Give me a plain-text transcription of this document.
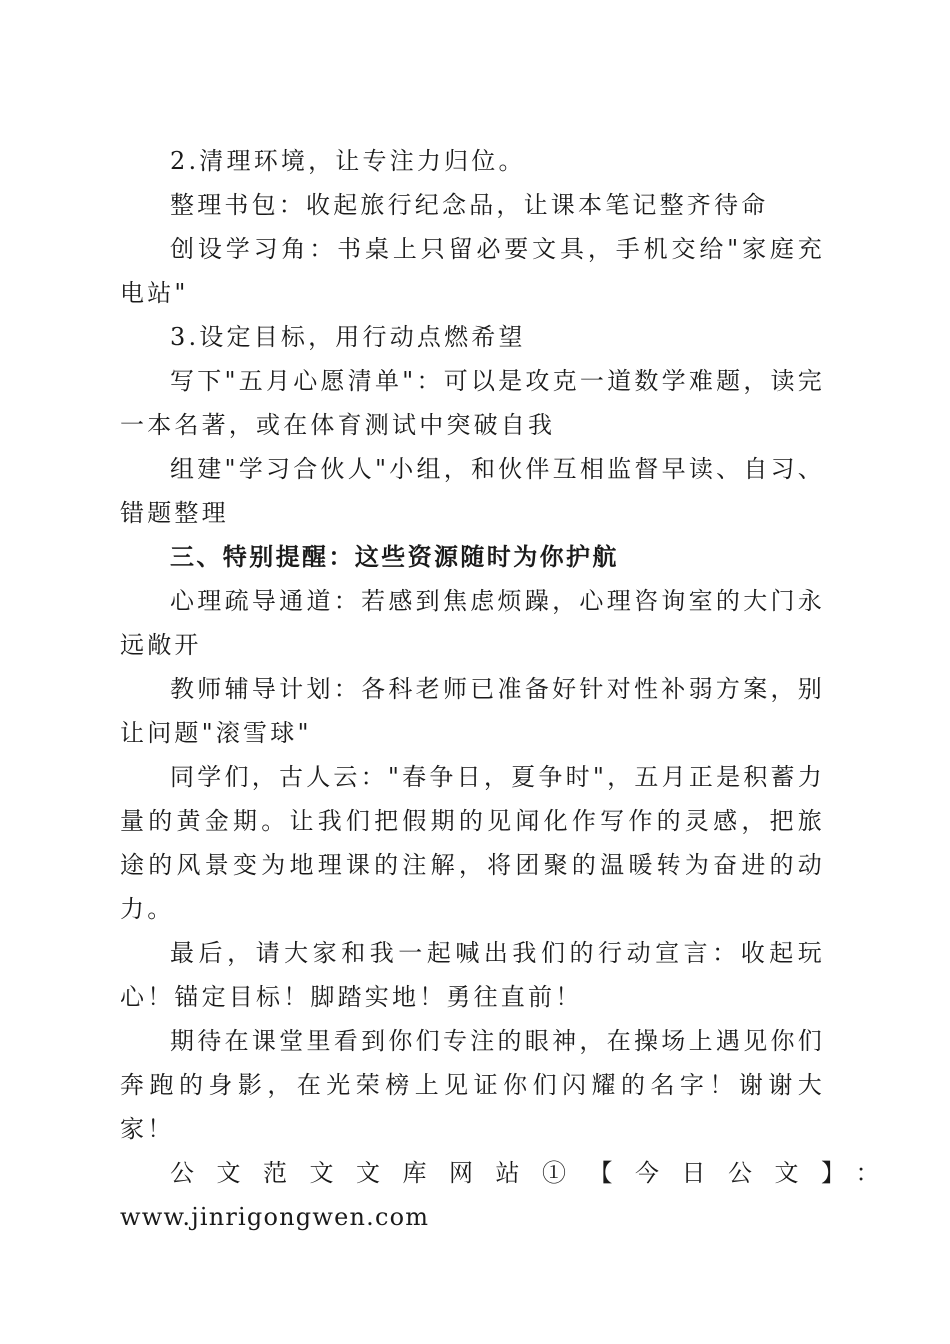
2.清理环境，让专注力归位。

整理书包：收起旅行纪念品，让课本笔记整齐待命

创设学习角：书桌上只留必要文具，手机交给"家庭充电站"

3.设定目标，用行动点燃希望

写下"五月心愿清单"：可以是攻克一道数学难题，读完一本名著，或在体育测试中突破自我

组建"学习合伙人"小组，和伙伴互相监督早读、自习、错题整理

三、特别提醒：这些资源随时为你护航

心理疏导通道：若感到焦虑烦躁，心理咨询室的大门永远敞开

教师辅导计划：各科老师已准备好针对性补弱方案，别让问题"滚雪球"

同学们，古人云："春争日，夏争时"，五月正是积蓄力量的黄金期。让我们把假期的见闻化作写作的灵感，把旅途的风景变为地理课的注解，将团聚的温暖转为奋进的动力。

最后，请大家和我一起喊出我们的行动宣言：收起玩心！锚定目标！脚踏实地！勇往直前！

期待在课堂里看到你们专注的眼神，在操场上遇见你们奔跑的身影，在光荣榜上见证你们闪耀的名字！谢谢大家！

公文范文文库网站①【今日公文】：

www.jinrigongwen.com
